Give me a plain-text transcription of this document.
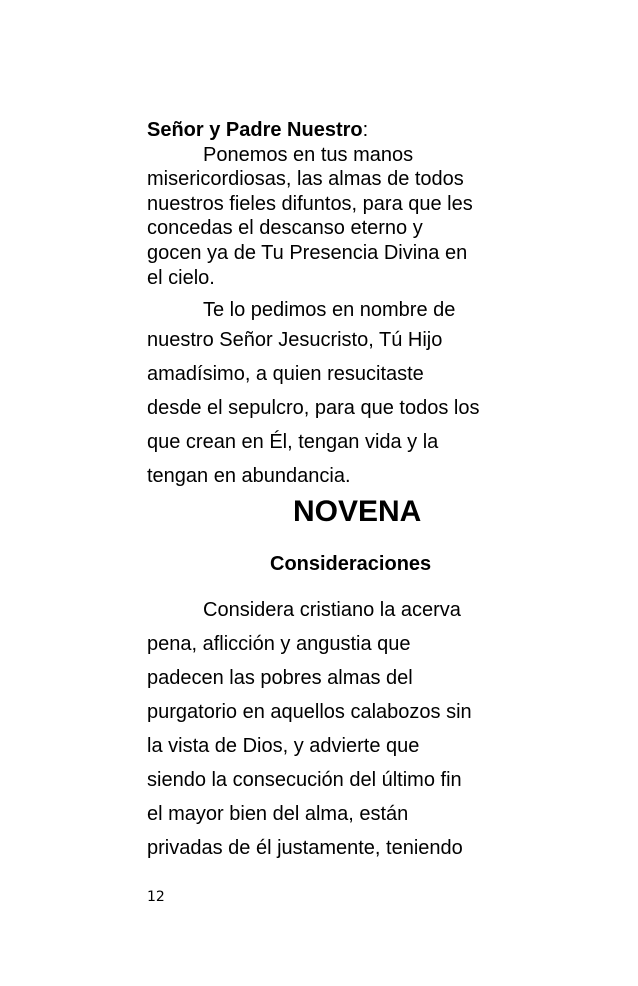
Señor y Padre Nuestro:
Ponemos en tus manos
misericordiosas, las almas de todos
nuestros fieles difuntos, para que les
concedas el descanso eterno y
gocen ya de Tu Presencia Divina en
el cielo.
Te lo pedimos en nombre de
nuestro Señor Jesucristo, Tú Hijo
amadísimo, a quien resucitaste
desde el sepulcro, para que todos los
que crean en Él, tengan vida y la
tengan en abundancia.
NOVENA
Consideraciones
Considera cristiano la acerva
pena, aflicción y angustia que
padecen las pobres almas del
purgatorio en aquellos calabozos sin
la vista de Dios, y advierte que
siendo la consecución del último fin
el mayor bien del alma, están
privadas de él justamente, teniendo
12
